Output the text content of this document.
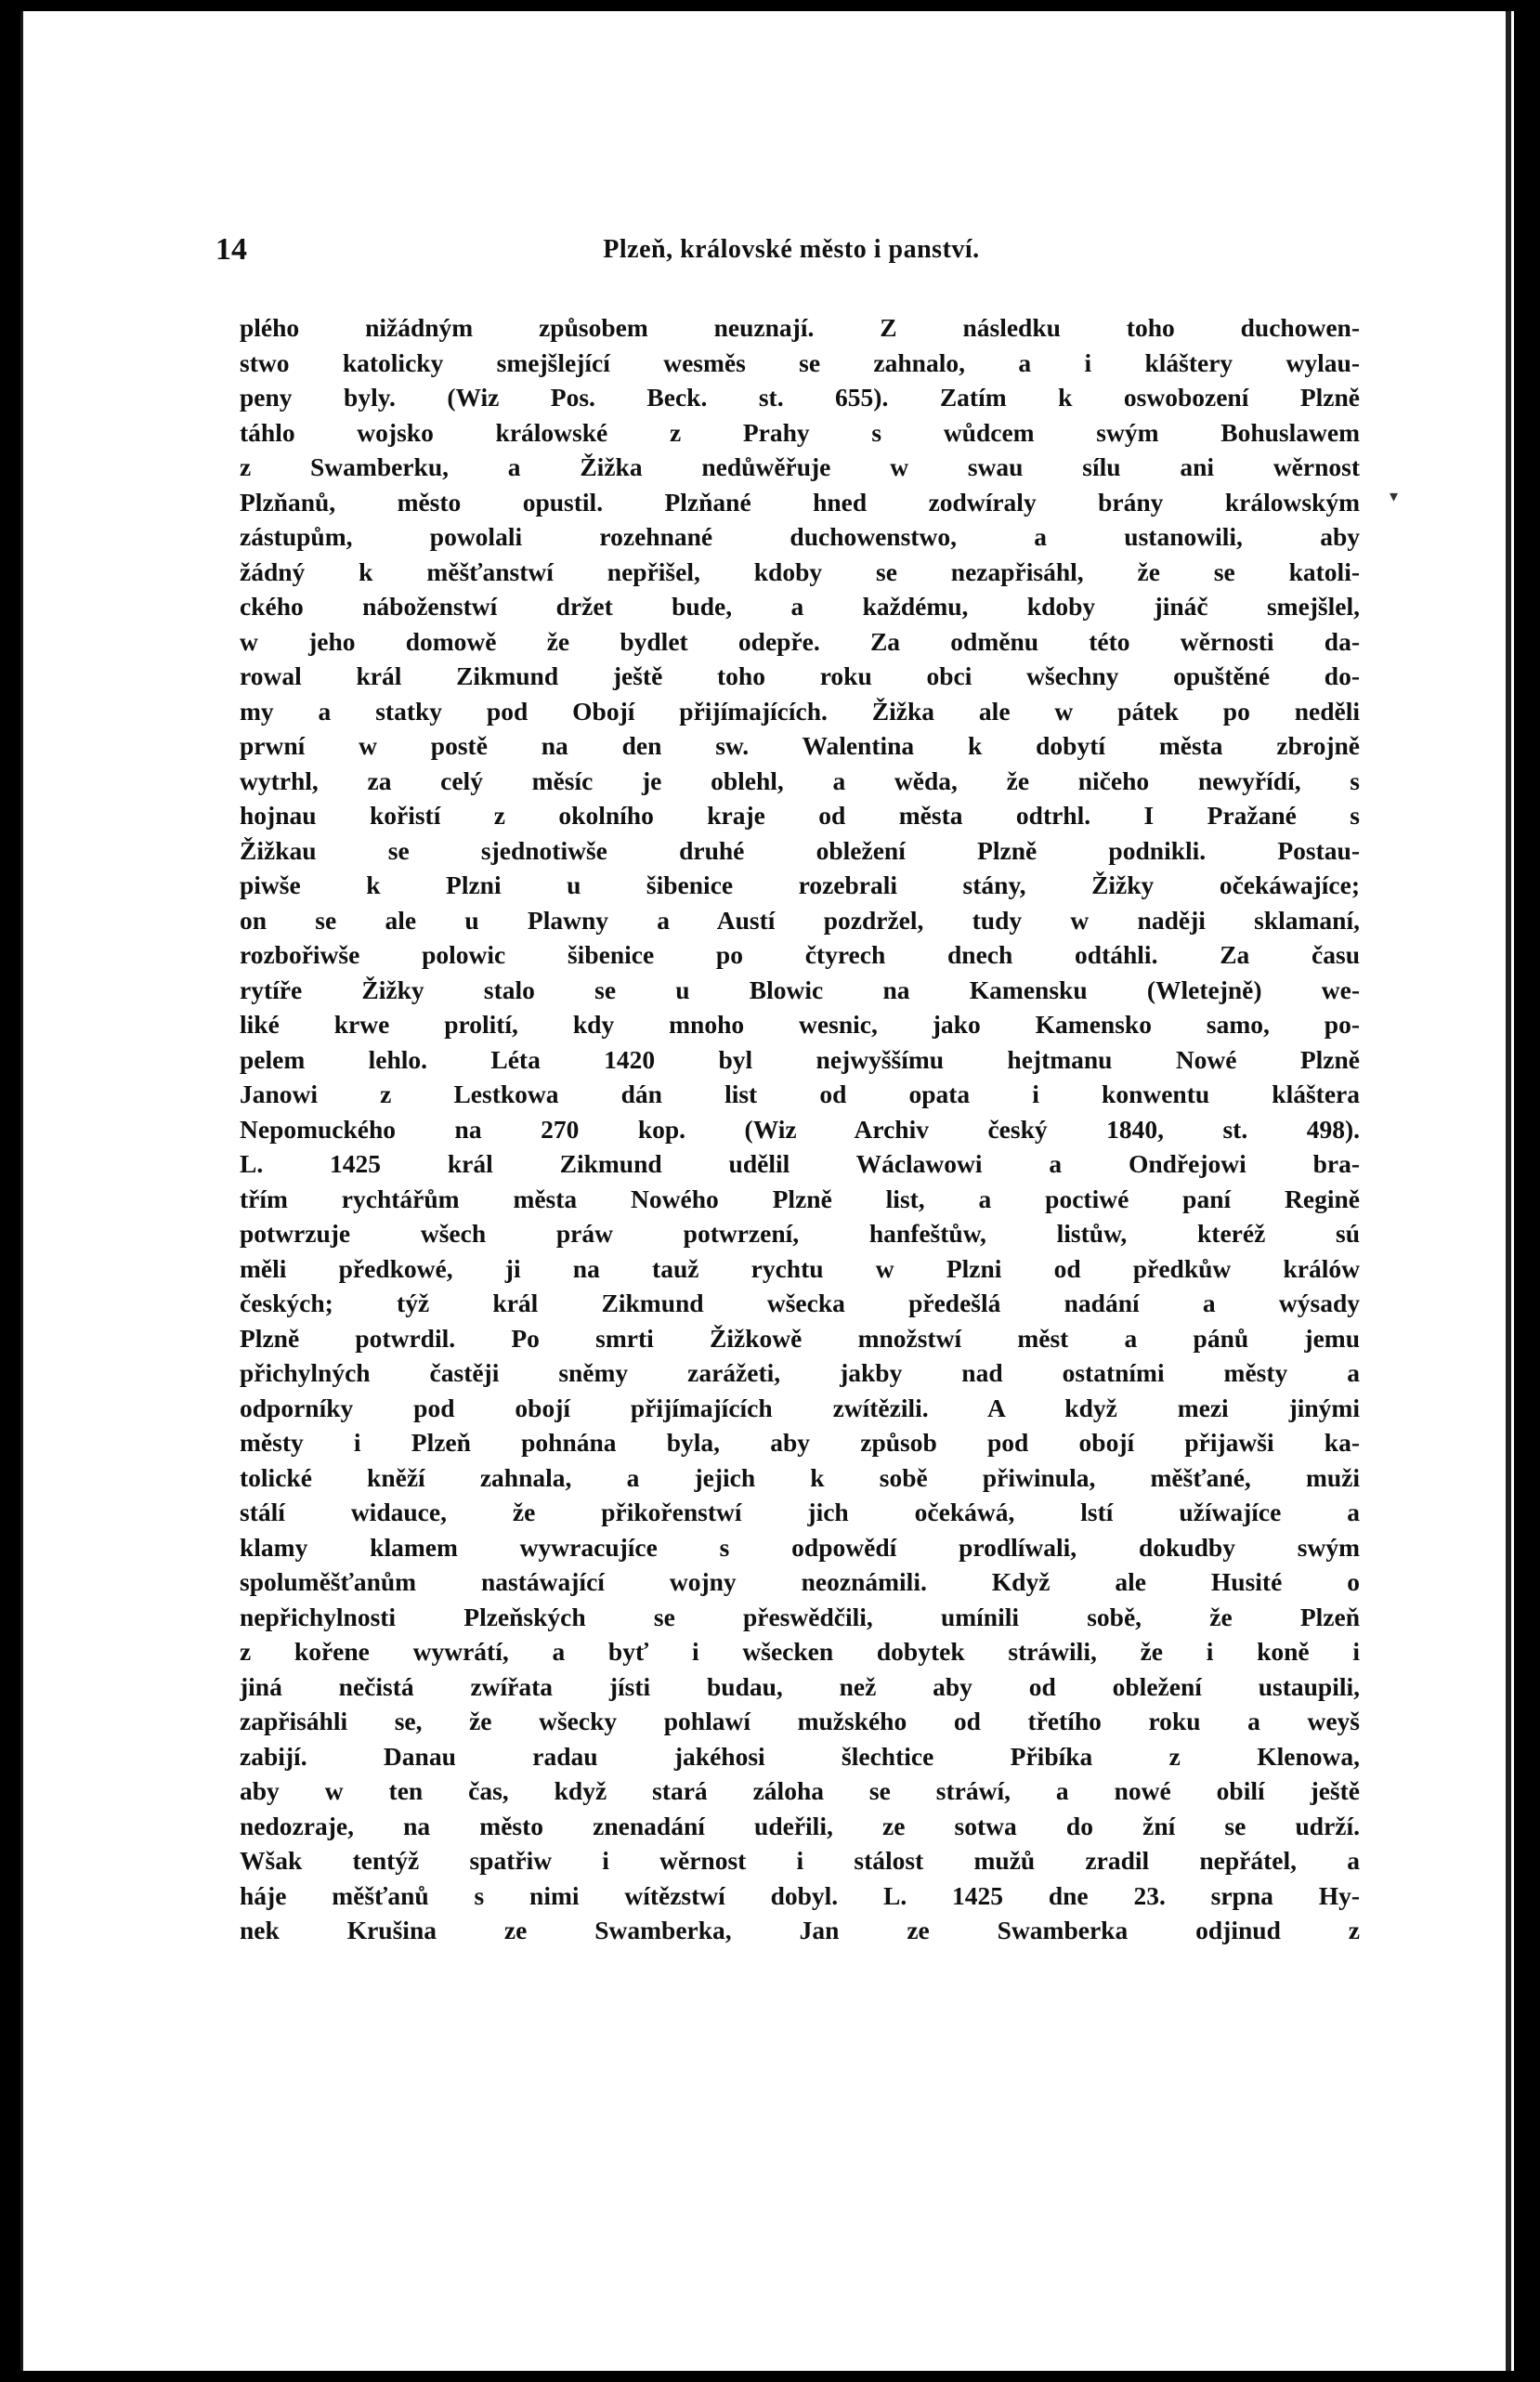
14	Plzeň, královské město i panství.
▾
plého nižádným způsobem neuznají. Z následku toho duchowen-
stwo katolicky smejšlející wesměs se zahnalo, a i kláštery wylau-
peny byly. (Wiz Pos. Beck. st. 655). Zatím k oswobození Plzně
táhlo wojsko králowské z Prahy s wůdcem swým Bohuslawem
z Swamberku, a Žižka nedůwěřuje w swau sílu ani wěrnost
Plzňanů, město opustil. Plzňané hned zodwíraly brány králowským
zástupům, powolali rozehnané duchowenstwo, a ustanowili, aby
žádný k měšťanstwí nepřišel, kdoby se nezapřisáhl, že se katoli-
ckého náboženstwí držet bude, a každému, kdoby jináč smejšlel,
w jeho domowě že bydlet odepře. Za odměnu této wěrnosti da-
rowal král Zikmund ještě toho roku obci wšechny opuštěné do-
my a statky pod Obojí přijímajících. Žižka ale w pátek po neděli
prwní w postě na den sw. Walentina k dobytí města zbrojně
wytrhl, za celý měsíc je oblehl, a wěda, že ničeho newyřídí, s
hojnau kořistí z okolního kraje od města odtrhl. I Pražané s
Žižkau se sjednotiwše druhé obležení Plzně podnikli. Postau-
piwše k Plzni u šibenice rozebrali stány, Žižky očekáwajíce;
on se ale u Plawny a Austí pozdržel, tudy w naději sklamaní,
rozbořiwše polowic šibenice po čtyrech dnech odtáhli. Za času
rytíře Žižky stalo se u Blowic na Kamensku (Wletejně) we-
liké krwe prolití, kdy mnoho wesnic, jako Kamensko samo, po-
pelem lehlo. Léta 1420 byl nejwyššímu hejtmanu Nowé Plzně
Janowi z Lestkowa dán list od opata i konwentu kláštera
Nepomuckého na 270 kop. (Wiz Archiv český 1840, st. 498).
L. 1425 král Zikmund udělil Wáclawowi a Ondřejowi bra-
třím rychtářům města Nowého Plzně list, a poctiwé paní Regině
potwrzuje wšech práw potwrzení, hanfeštůw, listůw, kteréž sú
měli předkowé, ji na tauž rychtu w Plzni od předkůw králów
českých; týž král Zikmund wšecka předešlá nadání a wýsady
Plzně potwrdil. Po smrti Žižkowě množstwí měst a pánů jemu
přichylných častěji sněmy zarážeti, jakby nad ostatními městy a
odporníky pod obojí přijímajících zwítězili. A když mezi jinými
městy i Plzeň pohnána byla, aby způsob pod obojí přijawši ka-
tolické kněží zahnala, a jejich k sobě přiwinula, měšťané, muži
stálí widauce, že přikořenstwí jich očekáwá, lstí užíwajíce a
klamy klamem wywracujíce s odpowědí prodlíwali, dokudby swým
spoluměšťanům nastáwající wojny neoznámili. Když ale Husité o
nepřichylnosti Plzeňských se přeswědčili, umínili sobě, že Plzeň
z kořene wywrátí, a byť i wšecken dobytek stráwili, že i koně i
jiná nečistá zwířata jísti budau, než aby od obležení ustaupili,
zapřisáhli se, že wšecky pohlawí mužského od třetího roku a weyš
zabijí. Danau radau jakéhosi šlechtice Přibíka z Klenowa,
aby w ten čas, když stará záloha se stráwí, a nowé obilí ještě
nedozraje, na město znenadání udeřili, ze sotwa do žní se udrží.
Wšak tentýž spatřiw i wěrnost i stálost mužů zradil nepřátel, a
háje měšťanů s nimi wítězstwí dobyl. L. 1425 dne 23. srpna Hy-
nek Krušina ze Swamberka, Jan ze Swamberka odjinud z
